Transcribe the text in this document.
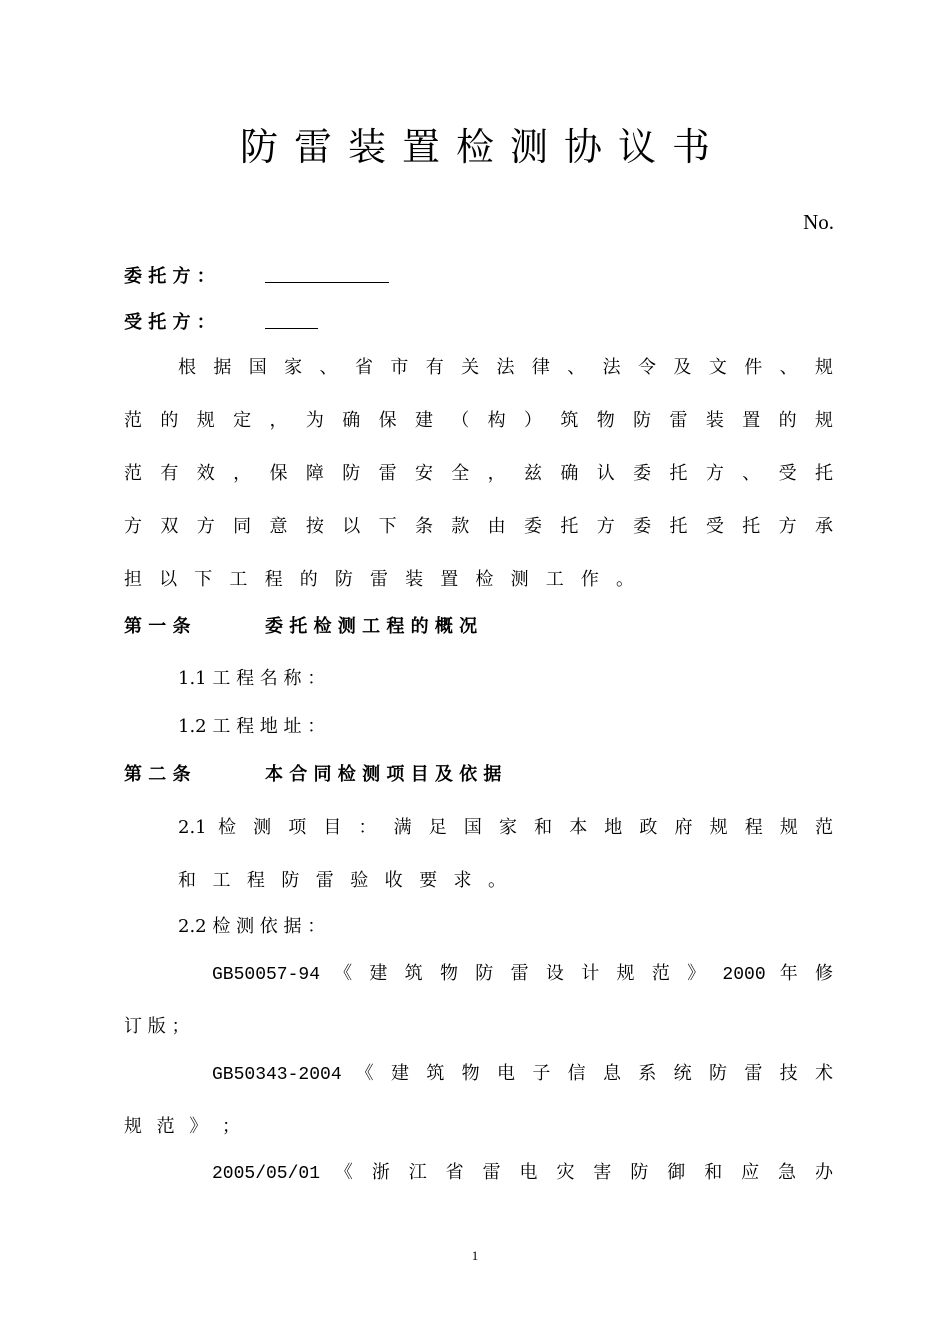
防雷装置检测协议书
No.
委 托 方 ：
受 托 方 ：
根 据 国 家 、 省 市 有 关 法 律 、 法 令 及 文 件 、 规
范 的 规 定 ， 为 确 保 建 （ 构 ） 筑 物 防 雷 装 置 的 规
范 有 效 ， 保 障 防 雷 安 全 ， 兹 确 认 委 托 方 、 受 托
方 双 方 同 意 按 以 下 条 款 由 委 托 方 委 托 受 托 方 承
担 以 下 工 程 的 防 雷 装 置 检 测 工 作 。
第 一 条	委 托 检 测 工 程 的 概 况
1.1 工 程 名 称 ：
1.2 工 程 地 址 ：
第 二 条	本 合 同 检 测 项 目 及 依 据
2.1 检 测 项 目 ： 满 足 国 家 和 本 地 政 府 规 程 规 范
和 工 程 防 雷 验 收 要 求 。
2.2 检 测 依 据 ：
GB50057-94 《 建 筑 物 防 雷 设 计 规 范 》 2000 年 修
订 版 ；
GB50343-2004 《 建 筑 物 电 子 信 息 系 统 防 雷 技 术
规 范 》 ；
2005/05/01 《 浙 江 省 雷 电 灾 害 防 御 和 应 急 办
1
